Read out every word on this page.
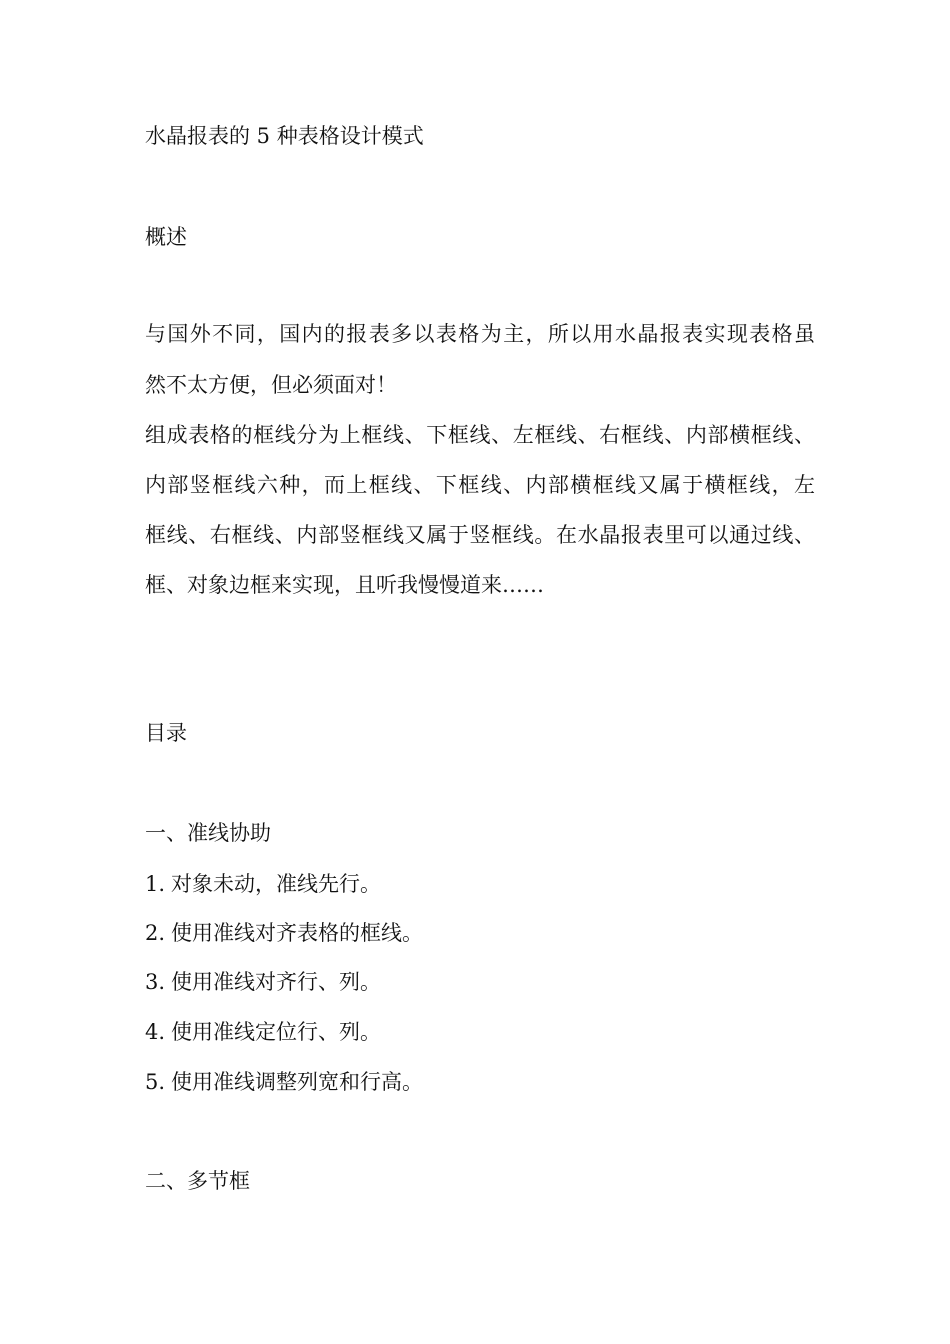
水晶报表的 5 种表格设计模式
概述
与国外不同，国内的报表多以表格为主，所以用水晶报表实现表格虽
然不太方便，但必须面对！
组成表格的框线分为上框线、下框线、左框线、右框线、内部横框线、
内部竖框线六种，而上框线、下框线、内部横框线又属于横框线，左
框线、右框线、内部竖框线又属于竖框线。在水晶报表里可以通过线、
框、对象边框来实现，且听我慢慢道来……
目录
一、准线协助
1. 对象未动，准线先行。
2. 使用准线对齐表格的框线。
3. 使用准线对齐行、列。
4. 使用准线定位行、列。
5. 使用准线调整列宽和行高。
二、多节框
